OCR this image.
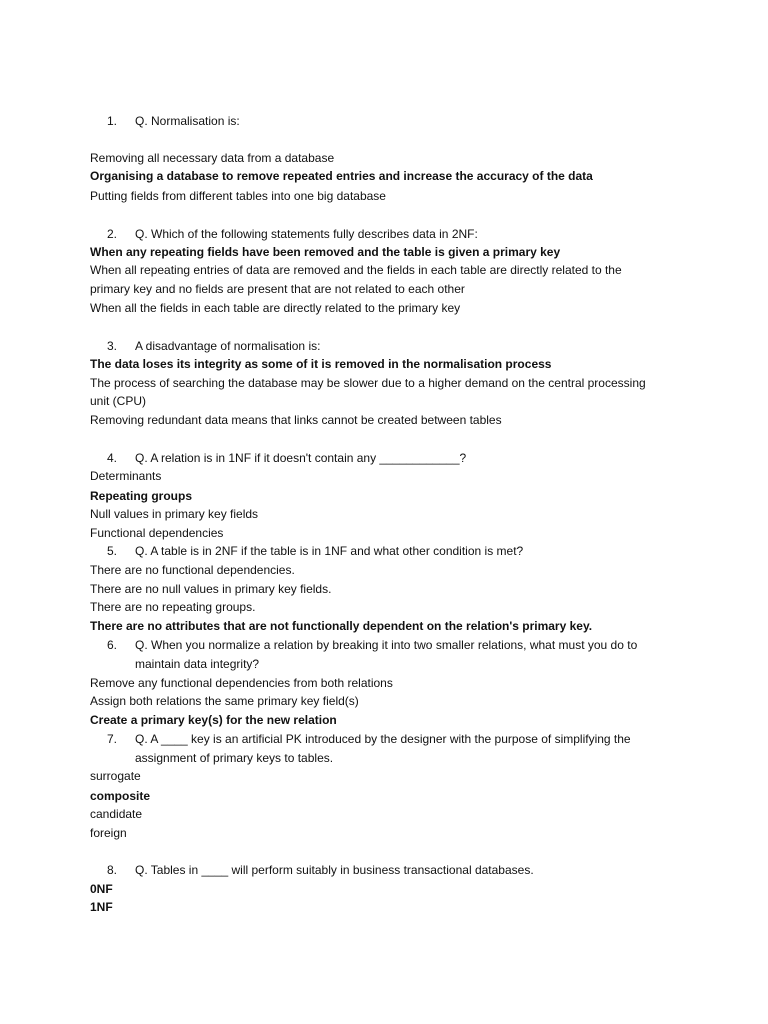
1. Q. Normalisation is:
Removing all necessary data from a database
Organising a database to remove repeated entries and increase the accuracy of the data
Putting fields from different tables into one big database
2. Q. Which of the following statements fully describes data in 2NF:
When any repeating fields have been removed and the table is given a primary key
When all repeating entries of data are removed and the fields in each table are directly related to the
primary key and no fields are present that are not related to each other
When all the fields in each table are directly related to the primary key
3. A disadvantage of normalisation is:
The data loses its integrity as some of it is removed in the normalisation process
The process of searching the database may be slower due to a higher demand on the central processing
unit (CPU)
Removing redundant data means that links cannot be created between tables
4. Q. A relation is in 1NF if it doesn't contain any ____________?
Determinants
Repeating groups
Null values in primary key fields
Functional dependencies
5. Q. A table is in 2NF if the table is in 1NF and what other condition is met?
There are no functional dependencies.
There are no null values in primary key fields.
There are no repeating groups.
There are no attributes that are not functionally dependent on the relation's primary key.
6. Q. When you normalize a relation by breaking it into two smaller relations, what must you do to
maintain data integrity?
Remove any functional dependencies from both relations
Assign both relations the same primary key field(s)
Create a primary key(s) for the new relation
7. Q. A ____ key is an artificial PK introduced by the designer with the purpose of simplifying the
assignment of primary keys to tables.
surrogate
composite
candidate
foreign
8. Q. Tables in ____ will perform suitably in business transactional databases.
0NF
1NF
